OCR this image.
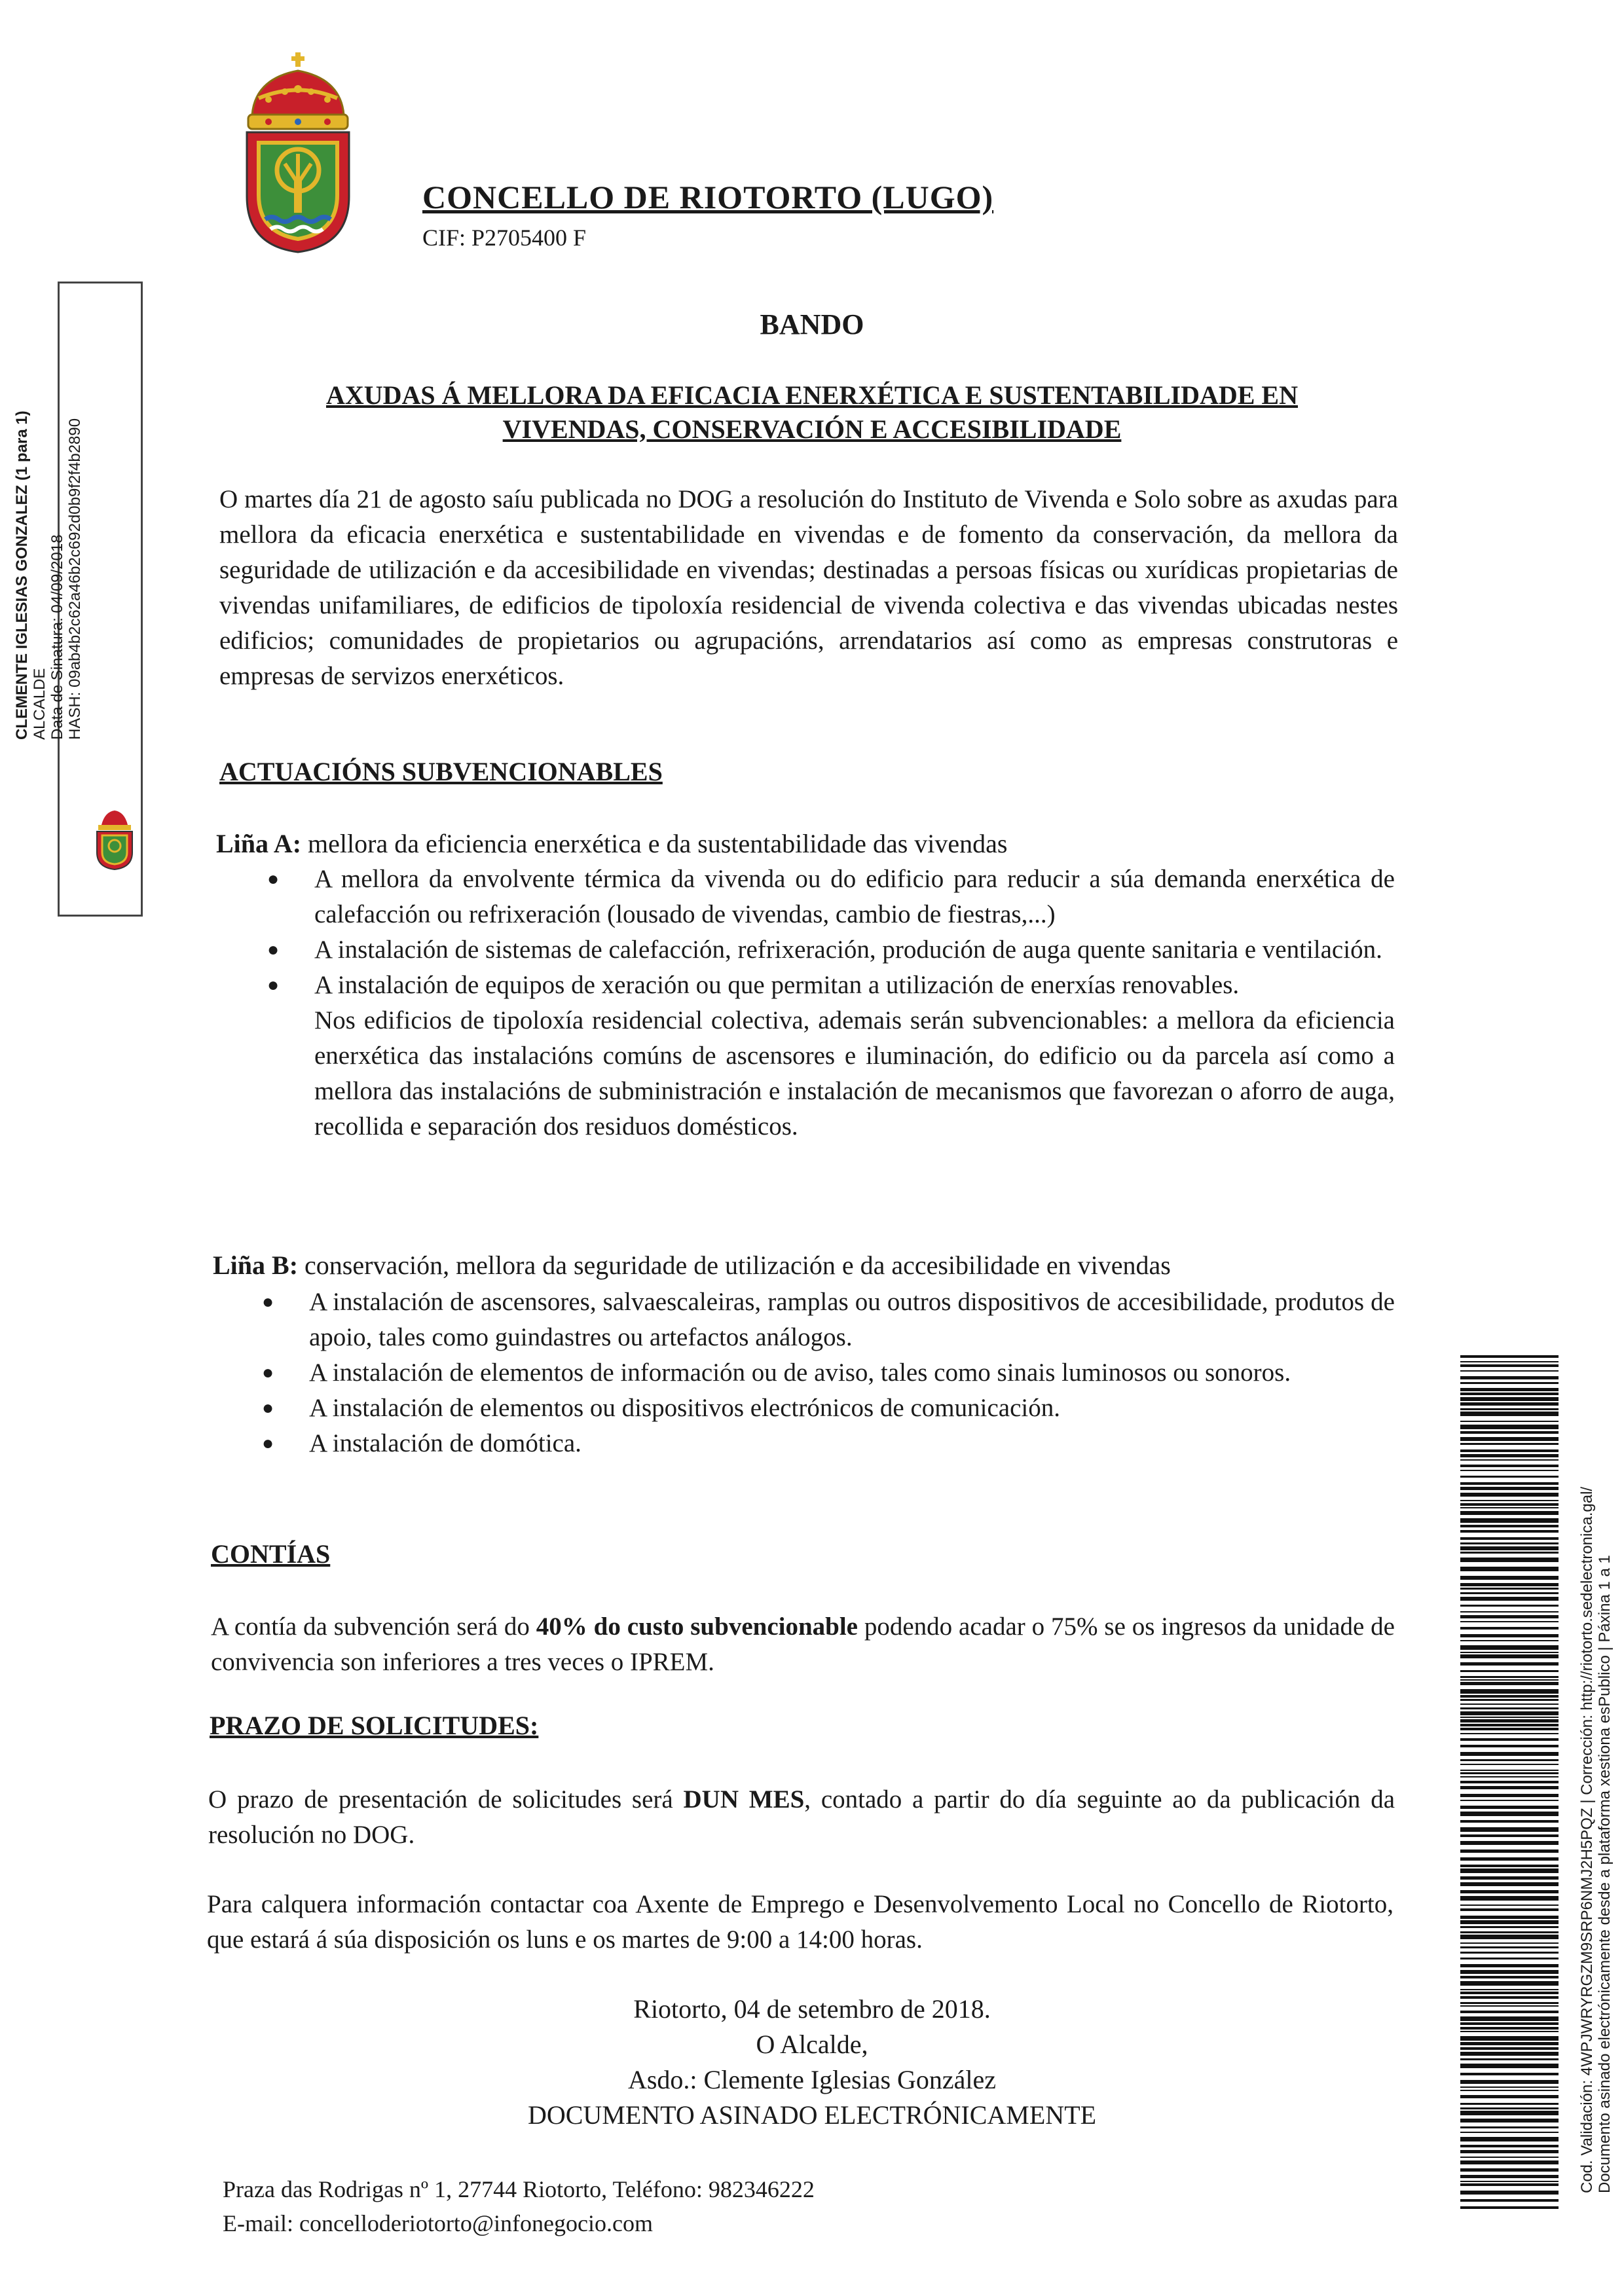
CONCELLO DE RIOTORTO (LUGO)
CIF: P2705400 F
BANDO
AXUDAS Á MELLORA DA EFICACIA ENERXÉTICA E SUSTENTABILIDADE EN
VIVENDAS, CONSERVACIÓN E ACCESIBILIDADE
O martes día 21 de agosto saíu publicada no DOG a resolución do Instituto de Vivenda e Solo sobre as axudas para mellora da eficacia enerxética e sustentabilidade en vivendas e de fomento da conservación, da mellora da seguridade de utilización e da accesibilidade en vivendas; destinadas a persoas físicas ou xurídicas propietarias de vivendas unifamiliares, de edificios de tipoloxía residencial de vivenda colectiva e das vivendas ubicadas nestes edificios; comunidades de propietarios ou agrupacións, arrendatarios así como as empresas construtoras e empresas de servizos enerxéticos.
ACTUACIÓNS SUBVENCIONABLES
Liña A: mellora da eficiencia enerxética e da sustentabilidade das vivendas
● A mellora da envolvente térmica da vivenda ou do edificio para reducir a súa demanda enerxética de calefacción ou refrixeración (lousado de vivendas, cambio de fiestras,...)
● A instalación de sistemas de calefacción, refrixeración, produción de auga quente sanitaria e ventilación.
● A instalación de equipos de xeración ou que permitan a utilización de enerxías renovables.
Nos edificios de tipoloxía residencial colectiva, ademais serán subvencionables: a mellora da eficiencia enerxética das instalacións comúns de ascensores e iluminación, do edificio ou da parcela así como a mellora das instalacións de subministración e instalación de mecanismos que favorezan o aforro de auga, recollida e separación dos residuos domésticos.
Liña B: conservación, mellora da seguridade de utilización e da accesibilidade en vivendas
● A instalación de ascensores, salvaescaleiras, ramplas ou outros dispositivos de accesibilidade, produtos de apoio, tales como guindastres ou artefactos análogos.
● A instalación de elementos de información ou de aviso, tales como sinais luminosos ou sonoros.
● A instalación de elementos ou dispositivos electrónicos de comunicación.
● A instalación de domótica.
CONTÍAS
A contía da subvención será do 40% do custo subvencionable podendo acadar o 75% se os ingresos da unidade de convivencia son inferiores a tres veces o IPREM.
PRAZO DE SOLICITUDES:
O prazo de presentación de solicitudes será DUN MES, contado a partir do día seguinte ao da publicación da resolución no DOG.
Para calquera información contactar coa Axente de Emprego e Desenvolvemento Local no Concello de Riotorto, que estará á súa disposición os luns e os martes de 9:00 a 14:00 horas.
Riotorto, 04 de setembro de 2018.
O Alcalde,
Asdo.: Clemente Iglesias González
DOCUMENTO ASINADO ELECTRÓNICAMENTE
Praza das Rodrigas nº 1, 27744 Riotorto, Teléfono: 982346222
E-mail: concelloderiotorto@infonegocio.com
CLEMENTE IGLESIAS GONZALEZ (1 para 1) ALCALDE Data de Sinatura: 04/09/2018 HASH: 09ab4b2c62a46b2c692d0b9f2f4b2890
Cod. Validación: 4WPJWRYRGZM9SRP6NMJ2H5PQZ | Corrección: http://riotorto.sedelectronica.gal/ Documento asinado electrónicamente desde a plataforma xestiona esPublico | Páxina 1 a 1
